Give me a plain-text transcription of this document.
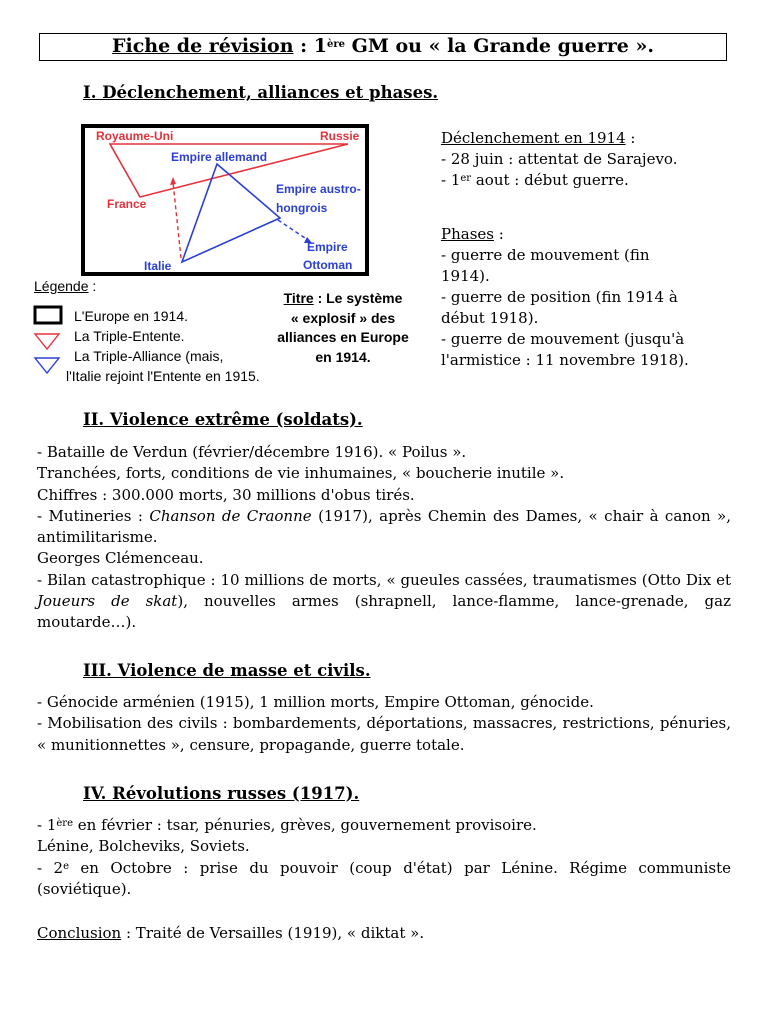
Fiche de révision : 1ère GM ou « la Grande guerre ».
I. Déclenchement, alliances et phases.
Royaume-Uni	Russie
Empire allemand
France
Empire austro-
hongrois
Italie
Empire
Ottoman
Légende :
L'Europe en 1914.
La Triple-Entente.
La Triple-Alliance (mais,
l'Italie rejoint l'Entente en 1915.
Titre : Le système
« explosif » des
alliances en Europe
en 1914.
Déclenchement en 1914 :
- 28 juin : attentat de Sarajevo.
- 1er aout : début guerre.
Phases :
- guerre de mouvement (fin
1914).
- guerre de position (fin 1914 à
début 1918).
- guerre de mouvement (jusqu'à
l'armistice : 11 novembre 1918).
II. Violence extrême (soldats).
- Bataille de Verdun (février/décembre 1916). « Poilus ».
Tranchées, forts, conditions de vie inhumaines, « boucherie inutile ».
Chiffres : 300.000 morts, 30 millions d'obus tirés.
- Mutineries : Chanson de Craonne (1917), après Chemin des Dames, « chair à canon », antimilitarisme.
Georges Clémenceau.
- Bilan catastrophique : 10 millions de morts, « gueules cassées, traumatismes (Otto Dix et Joueurs de skat), nouvelles armes (shrapnell, lance-flamme, lance-grenade, gaz moutarde…).
III. Violence de masse et civils.
- Génocide arménien (1915), 1 million morts, Empire Ottoman, génocide.
- Mobilisation des civils : bombardements, déportations, massacres, restrictions, pénuries, « munitionnettes », censure, propagande, guerre totale.
IV. Révolutions russes (1917).
- 1ère en février : tsar, pénuries, grèves, gouvernement provisoire.
Lénine, Bolcheviks, Soviets.
- 2e en Octobre : prise du pouvoir (coup d'état) par Lénine. Régime communiste (soviétique).
Conclusion : Traité de Versailles (1919), « diktat ».
